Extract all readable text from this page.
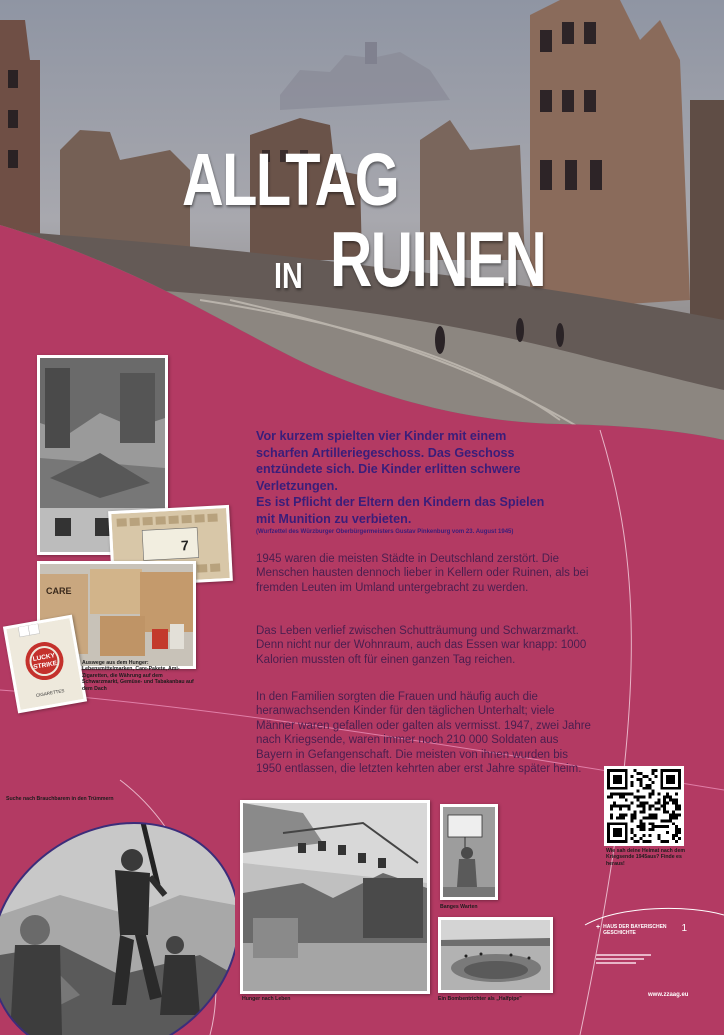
ALLTAG
IN RUINEN
7
CARE
LUCKY
STRIKE
CIGARETTES
Auswege aus dem Hunger: Lebensmittelmarken, Care-Pakete, Ami-Zigaretten, die Währung auf dem Schwarzmarkt, Gemüse- und Tabakanbau auf dem Dach
Vor kurzem spielten vier Kinder mit einem
scharfen Artilleriegeschoss. Das Geschoss
entzündete sich. Die Kinder erlitten schwere
Verletzungen.
Es ist Pflicht der Eltern den Kindern das Spielen
mit Munition zu verbieten.
(Wurfzettel des Würzburger Oberbürgermeisters Gustav Pinkenburg vom 23. August 1945)
1945 waren die meisten Städte in Deutschland zerstört. Die Menschen hausten dennoch lieber in Kellern oder Ruinen, als bei fremden Leuten im Umland untergebracht zu werden.
Das Leben verlief zwischen Schutträumung und Schwarzmarkt. Denn nicht nur der Wohnraum, auch das Essen war knapp: 1000 Kalorien mussten oft für einen ganzen Tag reichen.
In den Familien sorgten die Frauen und häufig auch die heranwachsenden Kinder für den täglichen Unterhalt; viele Männer waren gefallen oder galten als vermisst. 1947, zwei Jahre nach Kriegsende, waren immer noch 210 000 Soldaten aus Bayern in Gefangenschaft. Die meisten von ihnen wurden bis 1950 entlassen, die letzten kehrten aber erst Jahre später heim.
Wie sah deine Heimat nach dem Kriegsende 1945aus? Finde es heraus!
Suche nach Brauchbarem in den Trümmern
Hunger nach Leben
Banges Warten
Ein Bombentrichter als „Halfpipe"
+ HAUS DER BAYERISCHEN
GESCHICHTE	1
www.zzaag.eu
